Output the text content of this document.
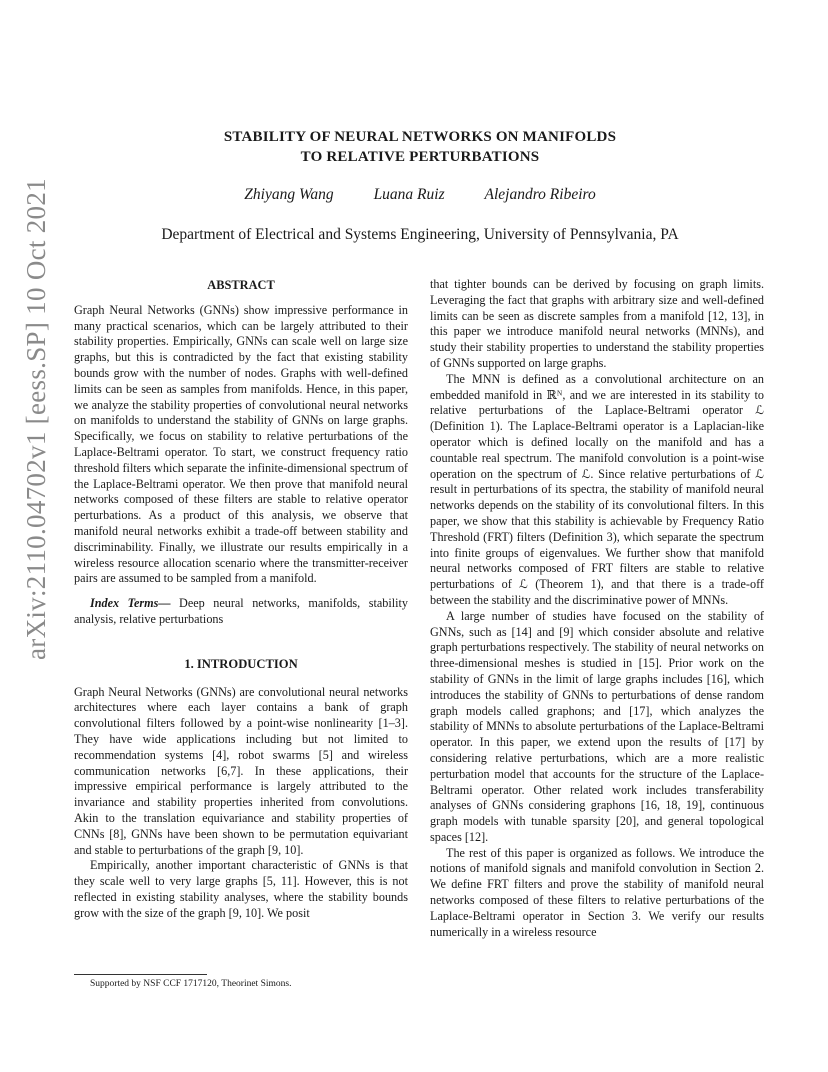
arXiv:2110.04702v1 [eess.SP] 10 Oct 2021
STABILITY OF NEURAL NETWORKS ON MANIFOLDS
TO RELATIVE PERTURBATIONS
Zhiyang Wang	Luana Ruiz	Alejandro Ribeiro
Department of Electrical and Systems Engineering, University of Pennsylvania, PA
ABSTRACT

Graph Neural Networks (GNNs) show impressive performance in many practical scenarios, which can be largely attributed to their stability properties. Empirically, GNNs can scale well on large size graphs, but this is contradicted by the fact that existing stability bounds grow with the number of nodes. Graphs with well-defined limits can be seen as samples from manifolds. Hence, in this paper, we analyze the stability properties of convolutional neural networks on manifolds to understand the stability of GNNs on large graphs. Specifically, we focus on stability to relative perturbations of the Laplace-Beltrami operator. To start, we construct frequency ratio threshold filters which separate the infinite-dimensional spectrum of the Laplace-Beltrami operator. We then prove that manifold neural networks composed of these filters are stable to relative operator perturbations. As a product of this analysis, we observe that manifold neural networks exhibit a trade-off between stability and discriminability. Finally, we illustrate our results empirically in a wireless resource allocation scenario where the transmitter-receiver pairs are assumed to be sampled from a manifold.

Index Terms— Deep neural networks, manifolds, stability analysis, relative perturbations

1. INTRODUCTION

Graph Neural Networks (GNNs) are convolutional neural networks architectures where each layer contains a bank of graph convolutional filters followed by a point-wise nonlinearity [1–3]. They have wide applications including but not limited to recommendation systems [4], robot swarms [5] and wireless communication networks [6,7]. In these applications, their impressive empirical performance is largely attributed to the invariance and stability properties inherited from convolutions. Akin to the translation equivariance and stability properties of CNNs [8], GNNs have been shown to be permutation equivariant and stable to perturbations of the graph [9, 10].

Empirically, another important characteristic of GNNs is that they scale well to very large graphs [5, 11]. However, this is not reflected in existing stability analyses, where the stability bounds grow with the size of the graph [9, 10]. We posit

that tighter bounds can be derived by focusing on graph limits. Leveraging the fact that graphs with arbitrary size and well-defined limits can be seen as discrete samples from a manifold [12, 13], in this paper we introduce manifold neural networks (MNNs), and study their stability properties to understand the stability properties of GNNs supported on large graphs.

The MNN is defined as a convolutional architecture on an embedded manifold in ℝᴺ, and we are interested in its stability to relative perturbations of the Laplace-Beltrami operator ℒ (Definition 1). The Laplace-Beltrami operator is a Laplacian-like operator which is defined locally on the manifold and has a countable real spectrum. The manifold convolution is a point-wise operation on the spectrum of ℒ. Since relative perturbations of ℒ result in perturbations of its spectra, the stability of manifold neural networks depends on the stability of its convolutional filters. In this paper, we show that this stability is achievable by Frequency Ratio Threshold (FRT) filters (Definition 3), which separate the spectrum into finite groups of eigenvalues. We further show that manifold neural networks composed of FRT filters are stable to relative perturbations of ℒ (Theorem 1), and that there is a trade-off between the stability and the discriminative power of MNNs.

A large number of studies have focused on the stability of GNNs, such as [14] and [9] which consider absolute and relative graph perturbations respectively. The stability of neural networks on three-dimensional meshes is studied in [15]. Prior work on the stability of GNNs in the limit of large graphs includes [16], which introduces the stability of GNNs to perturbations of dense random graph models called graphons; and [17], which analyzes the stability of MNNs to absolute perturbations of the Laplace-Beltrami operator. In this paper, we extend upon the results of [17] by considering relative perturbations, which are a more realistic perturbation model that accounts for the structure of the Laplace-Beltrami operator. Other related work includes transferability analyses of GNNs considering graphons [16, 18, 19], continuous graph models with tunable sparsity [20], and general topological spaces [12].

The rest of this paper is organized as follows. We introduce the notions of manifold signals and manifold convolution in Section 2. We define FRT filters and prove the stability of manifold neural networks composed of these filters to relative perturbations of the Laplace-Beltrami operator in Section 3. We verify our results numerically in a wireless resource

Supported by NSF CCF 1717120, Theorinet Simons.
